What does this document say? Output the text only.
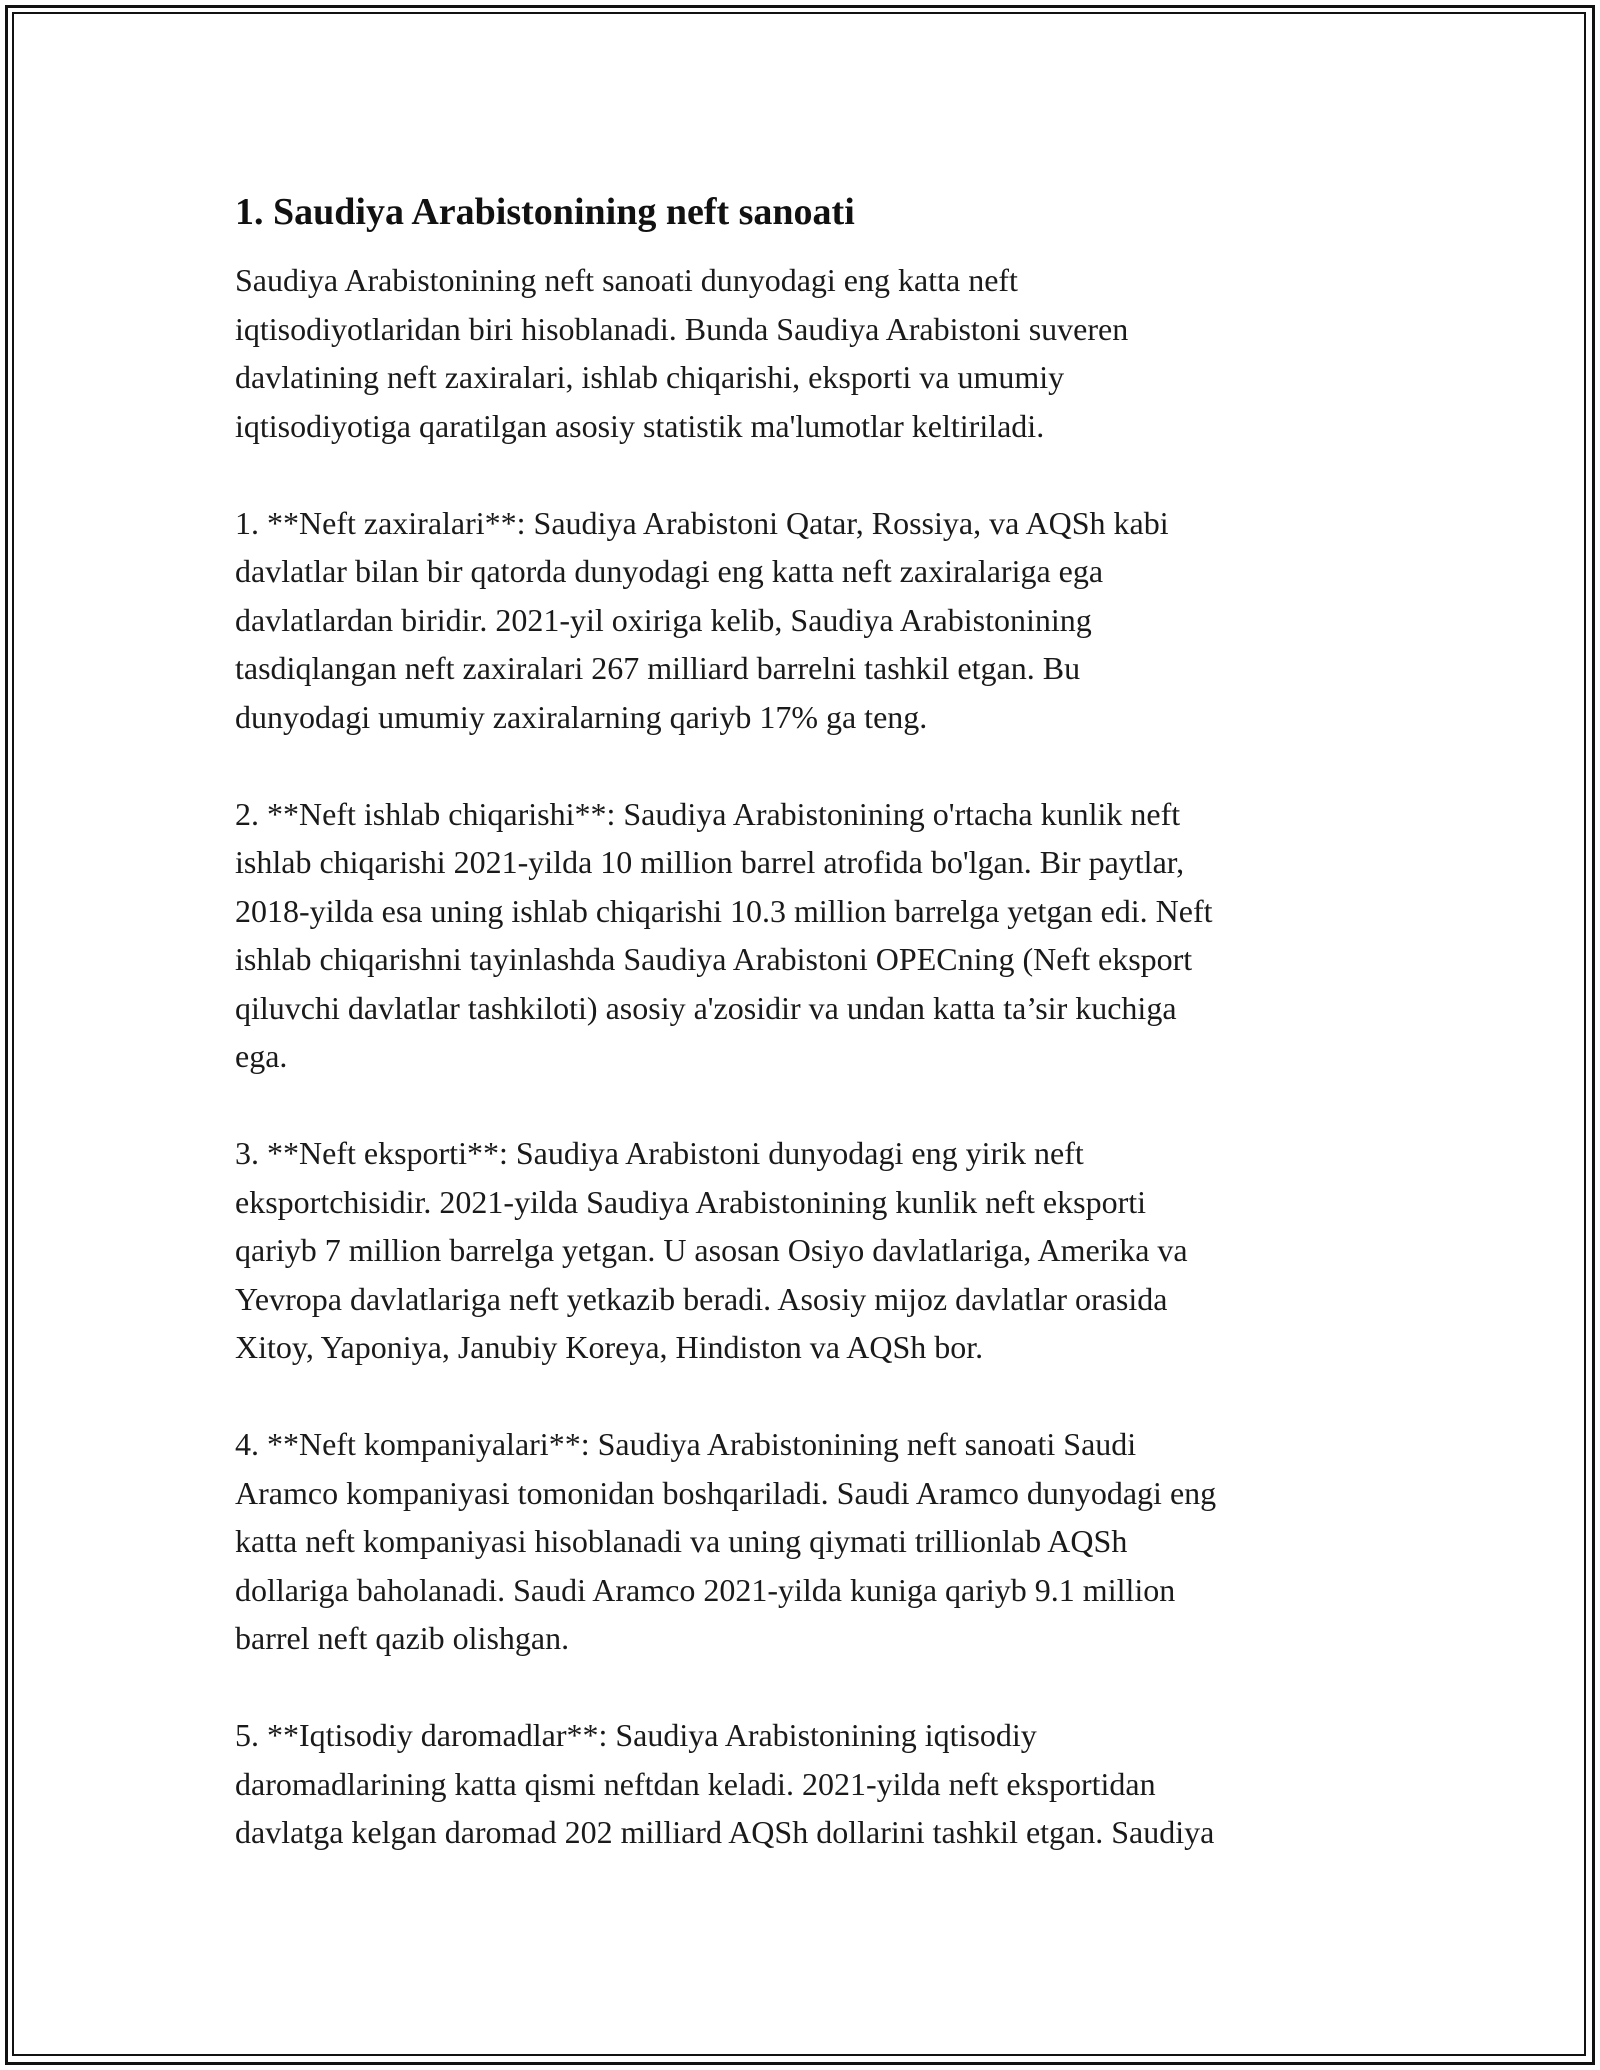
1. Saudiya Arabistonining neft sanoati

Saudiya Arabistonining neft sanoati dunyodagi eng katta neft
iqtisodiyotlaridan biri hisoblanadi. Bunda Saudiya Arabistoni suveren
davlatining neft zaxiralari, ishlab chiqarishi, eksporti va umumiy
iqtisodiyotiga qaratilgan asosiy statistik ma'lumotlar keltiriladi.

1. **Neft zaxiralari**: Saudiya Arabistoni Qatar, Rossiya, va AQSh kabi
davlatlar bilan bir qatorda dunyodagi eng katta neft zaxiralariga ega
davlatlardan biridir. 2021-yil oxiriga kelib, Saudiya Arabistonining
tasdiqlangan neft zaxiralari 267 milliard barrelni tashkil etgan. Bu
dunyodagi umumiy zaxiralarning qariyb 17% ga teng.

2. **Neft ishlab chiqarishi**: Saudiya Arabistonining o'rtacha kunlik neft
ishlab chiqarishi 2021-yilda 10 million barrel atrofida bo'lgan. Bir paytlar,
2018-yilda esa uning ishlab chiqarishi 10.3 million barrelga yetgan edi. Neft
ishlab chiqarishni tayinlashda Saudiya Arabistoni OPECning (Neft eksport
qiluvchi davlatlar tashkiloti) asosiy a'zosidir va undan katta ta’sir kuchiga
ega.

3. **Neft eksporti**: Saudiya Arabistoni dunyodagi eng yirik neft
eksportchisidir. 2021-yilda Saudiya Arabistonining kunlik neft eksporti
qariyb 7 million barrelga yetgan. U asosan Osiyo davlatlariga, Amerika va
Yevropa davlatlariga neft yetkazib beradi. Asosiy mijoz davlatlar orasida
Xitoy, Yaponiya, Janubiy Koreya, Hindiston va AQSh bor.

4. **Neft kompaniyalari**: Saudiya Arabistonining neft sanoati Saudi
Aramco kompaniyasi tomonidan boshqariladi. Saudi Aramco dunyodagi eng
katta neft kompaniyasi hisoblanadi va uning qiymati trillionlab AQSh
dollariga baholanadi. Saudi Aramco 2021-yilda kuniga qariyb 9.1 million
barrel neft qazib olishgan.

5. **Iqtisodiy daromadlar**: Saudiya Arabistonining iqtisodiy
daromadlarining katta qismi neftdan keladi. 2021-yilda neft eksportidan
davlatga kelgan daromad 202 milliard AQSh dollarini tashkil etgan. Saudiya
